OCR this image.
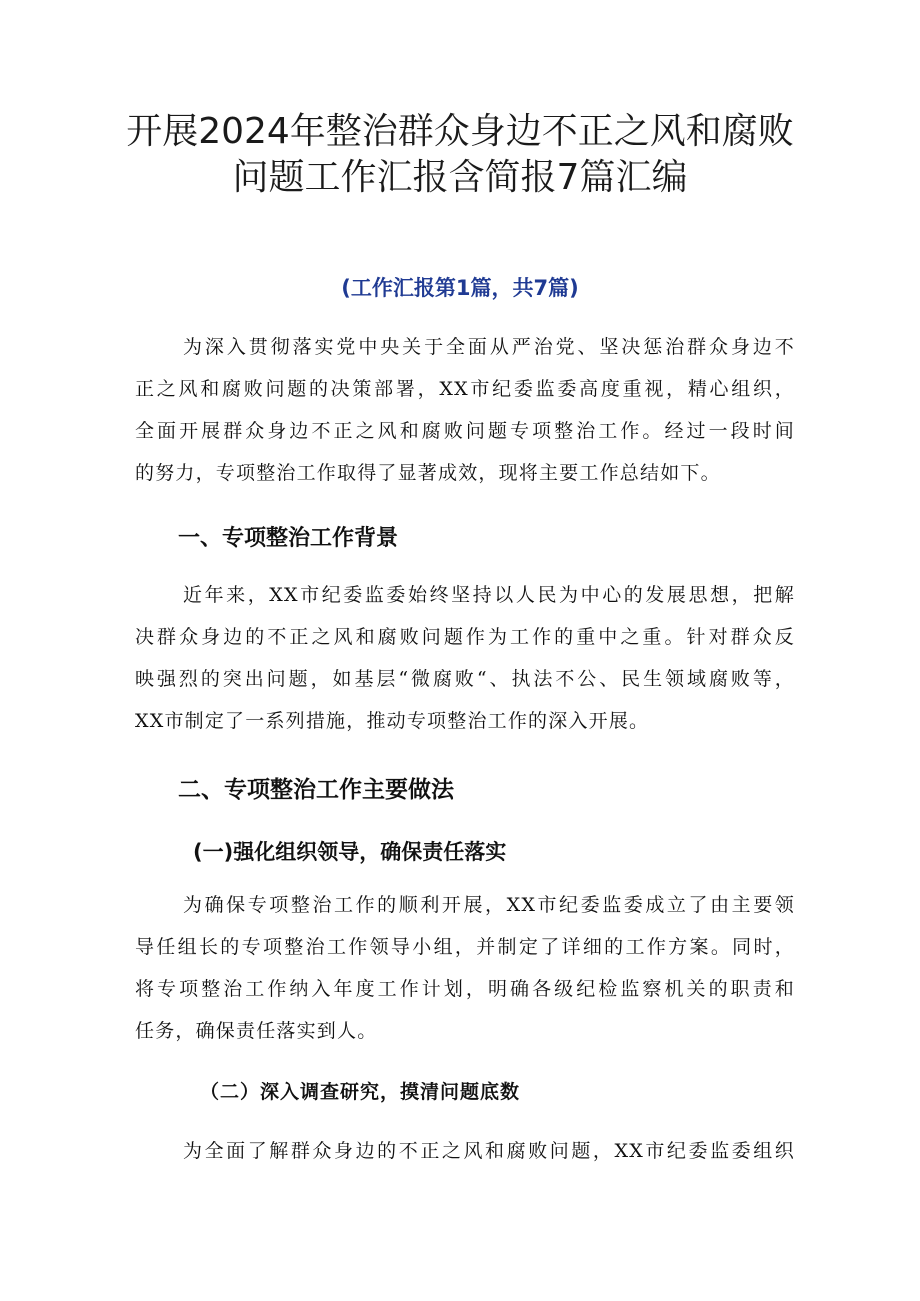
开展2024年整治群众身边不正之风和腐败
问题工作汇报含简报7篇汇编
(工作汇报第1篇，共7篇)
为深入贯彻落实党中央关于全面从严治党、坚决惩治群众身边不
正之风和腐败问题的决策部署，XX市纪委监委高度重视，精心组织，
全面开展群众身边不正之风和腐败问题专项整治工作。经过一段时间
的努力，专项整治工作取得了显著成效，现将主要工作总结如下。
一、专项整治工作背景
近年来，XX市纪委监委始终坚持以人民为中心的发展思想，把解
决群众身边的不正之风和腐败问题作为工作的重中之重。针对群众反
映强烈的突出问题，如基层“微腐败“、执法不公、民生领域腐败等，
XX市制定了一系列措施，推动专项整治工作的深入开展。
二、专项整治工作主要做法
(一)强化组织领导，确保责任落实
为确保专项整治工作的顺利开展，XX市纪委监委成立了由主要领
导任组长的专项整治工作领导小组，并制定了详细的工作方案。同时，
将专项整治工作纳入年度工作计划，明确各级纪检监察机关的职责和
任务，确保责任落实到人。
（二）深入调查研究，摸清问题底数
为全面了解群众身边的不正之风和腐败问题，XX市纪委监委组织
